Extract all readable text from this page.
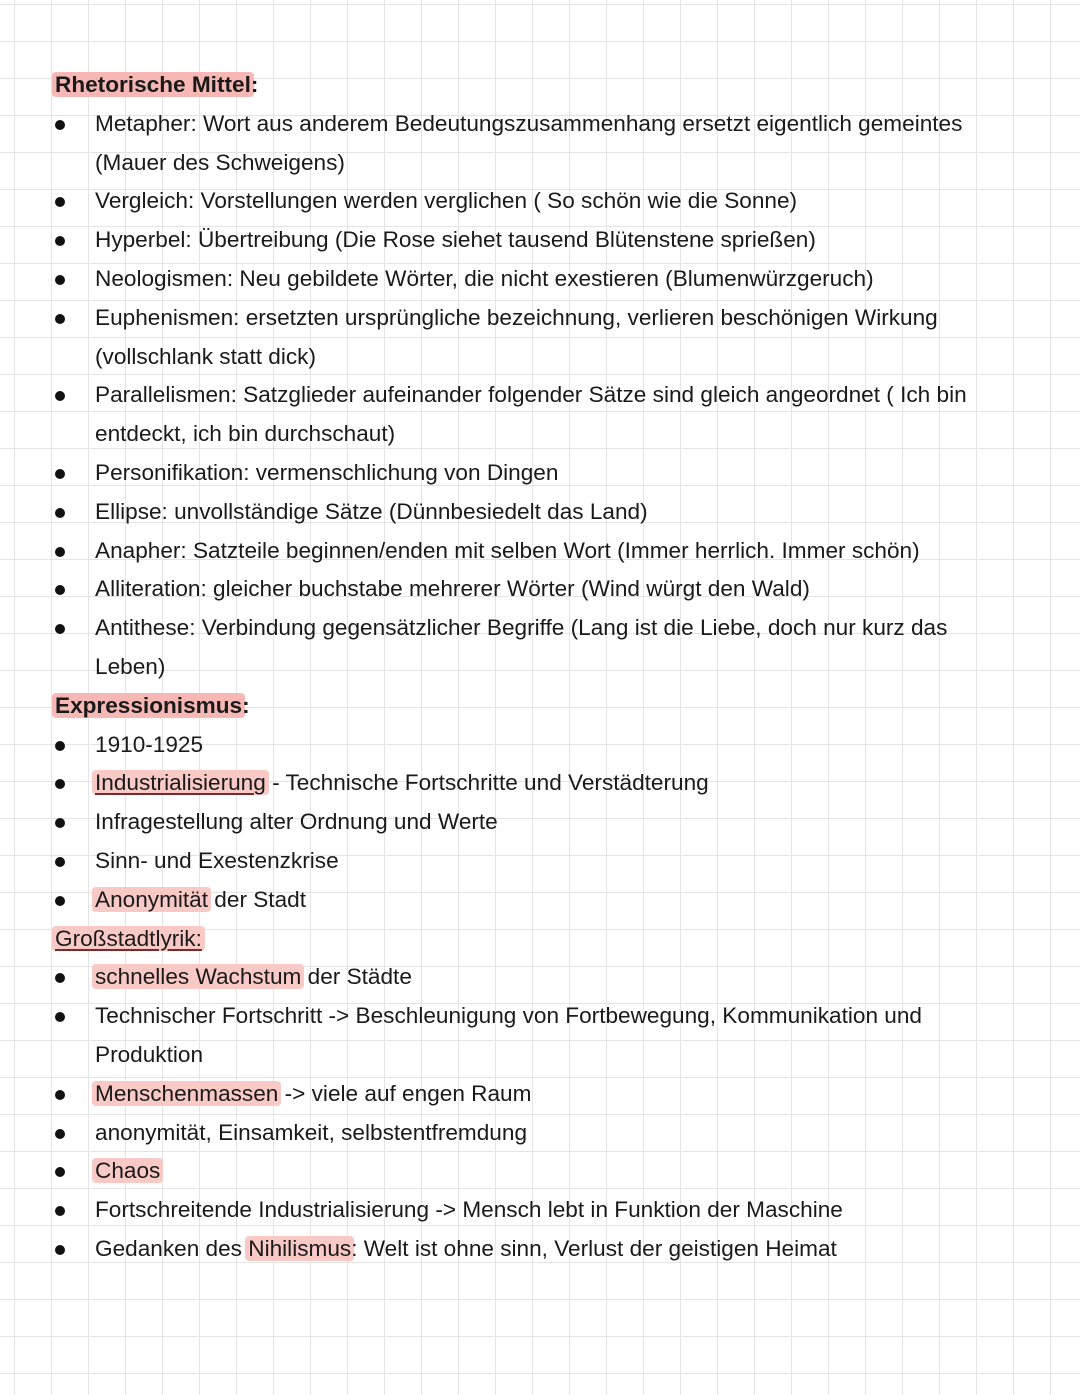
Rhetorische Mittel:
Metapher: Wort aus anderem Bedeutungszusammenhang ersetzt eigentlich gemeintes
(Mauer des Schweigens)
Vergleich: Vorstellungen werden verglichen ( So schön wie die Sonne)
Hyperbel: Übertreibung (Die Rose siehet tausend Blütenstene sprießen)
Neologismen: Neu gebildete Wörter, die nicht exestieren (Blumenwürzgeruch)
Euphenismen: ersetzten ursprüngliche bezeichnung, verlieren beschönigen Wirkung
(vollschlank statt dick)
Parallelismen: Satzglieder aufeinander folgender Sätze sind gleich angeordnet ( Ich bin
entdeckt, ich bin durchschaut)
Personifikation: vermenschlichung von Dingen
Ellipse: unvollständige Sätze (Dünnbesiedelt das Land)
Anapher: Satzteile beginnen/enden mit selben Wort (Immer herrlich. Immer schön)
Alliteration: gleicher buchstabe mehrerer Wörter (Wind würgt den Wald)
Antithese: Verbindung gegensätzlicher Begriffe (Lang ist die Liebe, doch nur kurz das
Leben)
Expressionismus:
1910-1925
Industrialisierung - Technische Fortschritte und Verstädterung
Infragestellung alter Ordnung und Werte
Sinn- und Exestenzkrise
Anonymität der Stadt
Großstadtlyrik:
schnelles Wachstum der Städte
Technischer Fortschritt -> Beschleunigung von Fortbewegung, Kommunikation und
Produktion
Menschenmassen -> viele auf engen Raum
anonymität, Einsamkeit, selbstentfremdung
Chaos
Fortschreitende Industrialisierung -> Mensch lebt in Funktion der Maschine
Gedanken des Nihilismus: Welt ist ohne sinn, Verlust der geistigen Heimat
